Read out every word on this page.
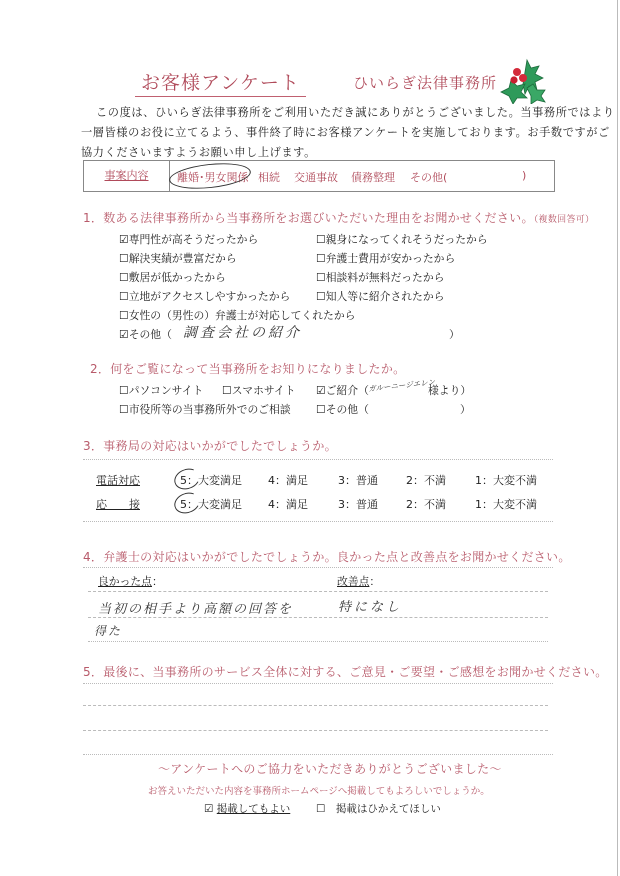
お客様アンケート	ひいらぎ法律事務所
この度は、ひいらぎ法律事務所をご利用いただき誠にありがとうございました。当事務所ではより
一層皆様のお役に立てるよう、事件終了時にお客様アンケートを実施しております。お手数ですがご
協力くださいますようお願い申し上げます。
事案内容	離婚･男女関係 相続 交通事故 債務整理 その他(	)
1．数ある法律事務所から当事務所をお選びいただいた理由をお聞かせください。（複数回答可）
☑専門性が高そうだったから	☐親身になってくれそうだったから
☐解決実績が豊富だから	☐弁護士費用が安かったから
☐敷居が低かったから	☐相談料が無料だったから
☐立地がアクセスしやすかったから ☐知人等に紹介されたから
☐女性の（男性の）弁護士が対応してくれたから
☑その他（ 調査会社の紹介	）
2．何をご覧になって当事務所をお知りになりましたか。
☐パソコンサイト ☐スマホサイト ☑ご紹介（
ガルーニージエレン
様より）
☐市役所等の当事務所外でのご相談 ☐その他（	）
3．事務局の対応はいかがでしたでしょうか。
電話対応	5：大変満足 4：満足	3：普通	2：不満	1：大変不満
応　　接	5：大変満足 4：満足	3：普通	2：不満	1：大変不満
4．弁護士の対応はいかがでしたでしょうか。良かった点と改善点をお聞かせください。
良かった点：	改善点：
当初の相手より高額の回答を	特になし
得た
5．最後に、当事務所のサービス全体に対する、ご意見・ご要望・ご感想をお聞かせください。
～アンケートへのご協力をいただきありがとうございました～
お答えいただいた内容を事務所ホームページへ掲載してもよろしいでしょうか。
☑ 掲載してもよい ☐　掲載はひかえてほしい
